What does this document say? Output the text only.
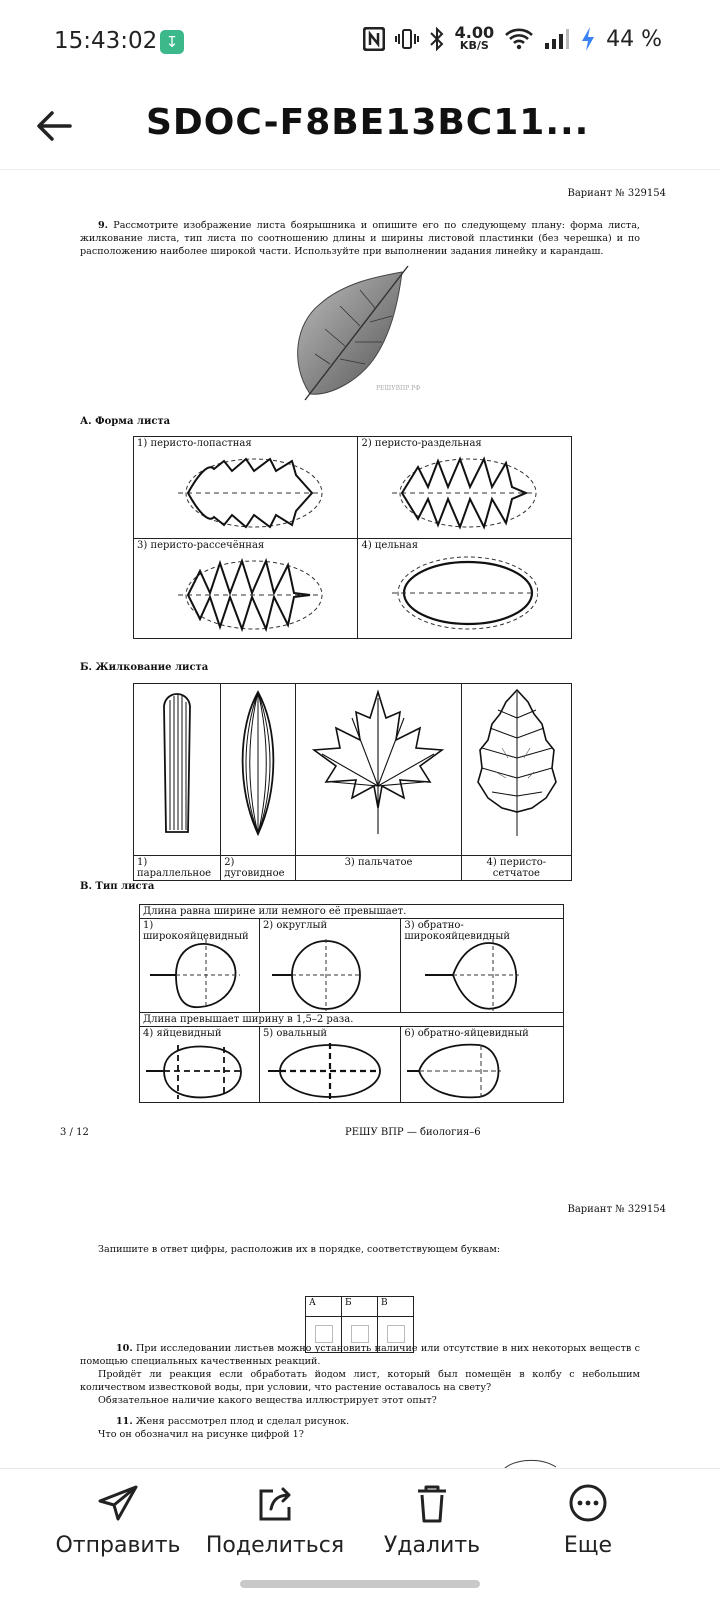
15:43:02 ↧	4.00
KB/S	44 %
SDOC-F8BE13BC11...
Вариант № 329154
9. Рассмотрите изображение листа боярышника и опишите его по следующему плану: форма листа, жилкование листа, тип листа по соотношению длины и ширины листовой пластинки (без черешка) и по расположению наиболее широкой части. Используйте при выполнении задания линейку и карандаш.
РЕШУВПР.РФ
А. Форма листа
1) перисто-лопастная	2) перисто-раздельная

3) перисто-рассечённая	4) цельная
Б. Жилкование листа

1) параллельное	2) дуговидное	3) пальчатое	4) перисто-сетчатое
В. Тип листа
Длина равна ширине или немного её превышает.		
1) широкояйцевидный	2) округлый	3) обратно-широкояйцевидный

Длина превышает ширину в 1,5–2 раза.		
4) яйцевидный	5) овальный	6) обратно-яйцевидный
3 / 12	РЕШУ ВПР — биология–6
Вариант № 329154
Запишите в ответ цифры, расположив их в порядке, соответствующем буквам:
А	Б	В

10. При исследовании листьев можно установить наличие или отсутствие в них некоторых веществ с помощью специальных качественных реакций.
Пройдёт ли реакция если обработать йодом лист, который был помещён в колбу с небольшим количеством известковой воды, при условии, что растение оставалось на свету?
Обязательное наличие какого вещества иллюстрирует этот опыт?
11. Женя рассмотрел плод и сделал рисунок.
Что он обозначил на рисунке цифрой 1?
Отправить	Поделиться	Удалить	Еще
